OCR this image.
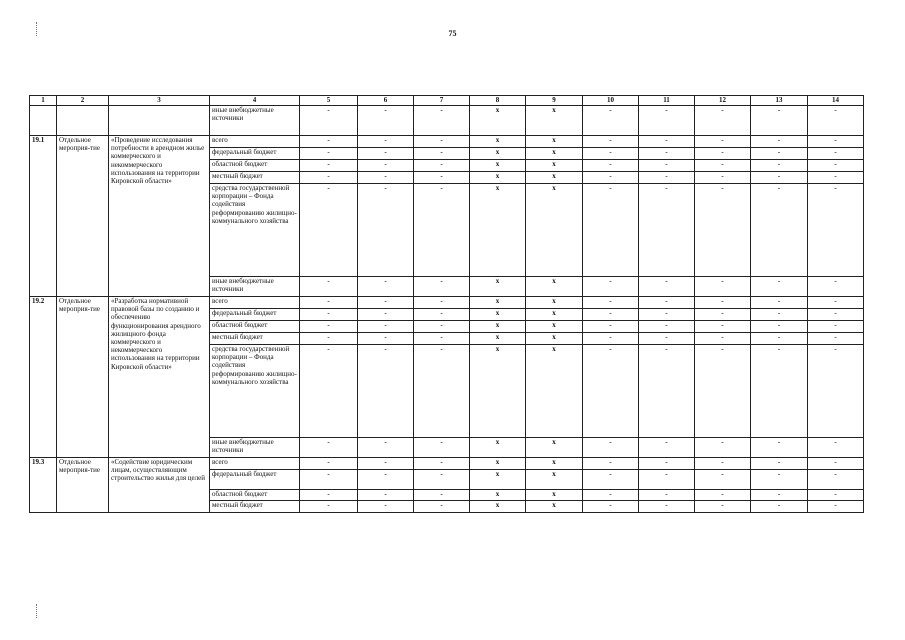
75
1	2	3	4	5	6	7	8	9	10	11	12	13	14
			иные внебюджетные источники	-	-	-	x	x	-	-	-	-	-
19.1	Отдельное мероприя-тие	«Проведение исследования потребности в арендном жилье коммерческого и некоммерческого использования на территории Кировской области»	всего	-	-	-	x	x	-	-	-	-	-
			федеральный бюджет	-	-	-	x	x	-	-	-	-	-
			областной бюджет	-	-	-	x	x	-	-	-	-	-
			местный бюджет	-	-	-	x	x	-	-	-	-	-
			средства государственной корпорации – Фонда содействия реформированию жилищно-коммунального хозяйства	-	-	-	x	x	-	-	-	-	-
			иные внебюджетные источники	-	-	-	x	x	-	-	-	-	-
19.2	Отдельное мероприя-тие	«Разработка нормативной правовой базы по созданию и обеспечению функционирования арендного жилищного фонда коммерческого и некоммерческого использования на территории Кировской области»	всего	-	-	-	x	x	-	-	-	-	-
			федеральный бюджет	-	-	-	x	x	-	-	-	-	-
			областной бюджет	-	-	-	x	x	-	-	-	-	-
			местный бюджет	-	-	-	x	x	-	-	-	-	-
			средства государственной корпорации – Фонда содействия реформированию жилищно-коммунального хозяйства	-	-	-	x	x	-	-	-	-	-
			иные внебюджетные источники	-	-	-	x	x	-	-	-	-	-
19.3	Отдельное мероприя-тие	«Содействие юридическим лицам, осуществляющим строительство жилья для целей	всего	-	-	-	x	x	-	-	-	-	-
			федеральный бюджет	-	-	-	x	x	-	-	-	-	-
			областной бюджет	-	-	-	x	x	-	-	-	-	-
			местный бюджет	-	-	-	x	x	-	-	-	-	-
